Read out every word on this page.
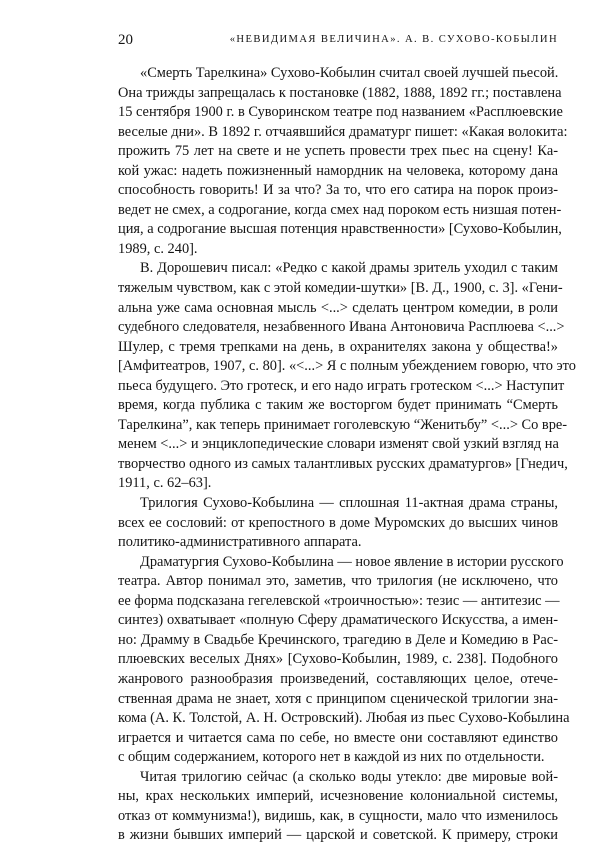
20	«НЕВИДИМАЯ ВЕЛИЧИНА». А. В. СУХОВО-КОБЫЛИН
«Смерть Тарелкина» Сухово-Кобылин считал своей лучшей пьесой.
Она трижды запрещалась к постановке (1882, 1888, 1892 гг.; поставлена
15 сентября 1900 г. в Суворинском театре под названием «Расплюевские
веселые дни». В 1892 г. отчаявшийся драматург пишет: «Какая волокита:
прожить 75 лет на свете и не успеть провести трех пьес на сцену! Ка-
кой ужас: надеть пожизненный намордник на человека, которому дана
способность говорить! И за что? За то, что его сатира на порок произ-
ведет не смех, а содрогание, когда смех над пороком есть низшая потен-
ция, а содрогание высшая потенция нравственности» [Сухово-Кобылин,
1989, с. 240].
В. Дорошевич писал: «Редко с какой драмы зритель уходил с таким
тяжелым чувством, как с этой комедии-шутки» [В. Д., 1900, с. 3]. «Гени-
альна уже сама основная мысль <...> сделать центром комедии, в роли
судебного следователя, незабвенного Ивана Антоновича Расплюева <...>
Шулер, с тремя трепками на день, в охранителях закона у общества!»
[Амфитеатров, 1907, с. 80]. «<...> Я с полным убеждением говорю, что это
пьеса будущего. Это гротеск, и его надо играть гротеском <...> Наступит
время, когда публика с таким же восторгом будет принимать “Смерть
Тарелкина”, как теперь принимает гоголевскую “Женитьбу” <...> Со вре-
менем <...> и энциклопедические словари изменят свой узкий взгляд на
творчество одного из самых талантливых русских драматургов» [Гнедич,
1911, с. 62–63].
Трилогия Сухово-Кобылина — сплошная 11-актная драма страны,
всех ее сословий: от крепостного в доме Муромских до высших чинов
политико-административного аппарата.
Драматургия Сухово-Кобылина — новое явление в истории русского
театра. Автор понимал это, заметив, что трилогия (не исключено, что
ее форма подсказана гегелевской «троичностью»: тезис — антитезис —
синтез) охватывает «полную Сферу драматического Искусства, а имен-
но: Драмму в Свадьбе Кречинского, трагедию в Деле и Комедию в Рас-
плюевских веселых Днях» [Сухово-Кобылин, 1989, с. 238]. Подобного
жанрового разнообразия произведений, составляющих целое, отече-
ственная драма не знает, хотя с принципом сценической трилогии зна-
кома (А. К. Толстой, А. Н. Островский). Любая из пьес Сухово-Кобылина
играется и читается сама по себе, но вместе они составляют единство
с общим содержанием, которого нет в каждой из них по отдельности.
Читая трилогию сейчас (а сколько воды утекло: две мировые вой-
ны, крах нескольких империй, исчезновение колониальной системы,
отказ от коммунизма!), видишь, как, в сущности, мало что изменилось
в жизни бывших империй — царской и советской. К примеру, строки
